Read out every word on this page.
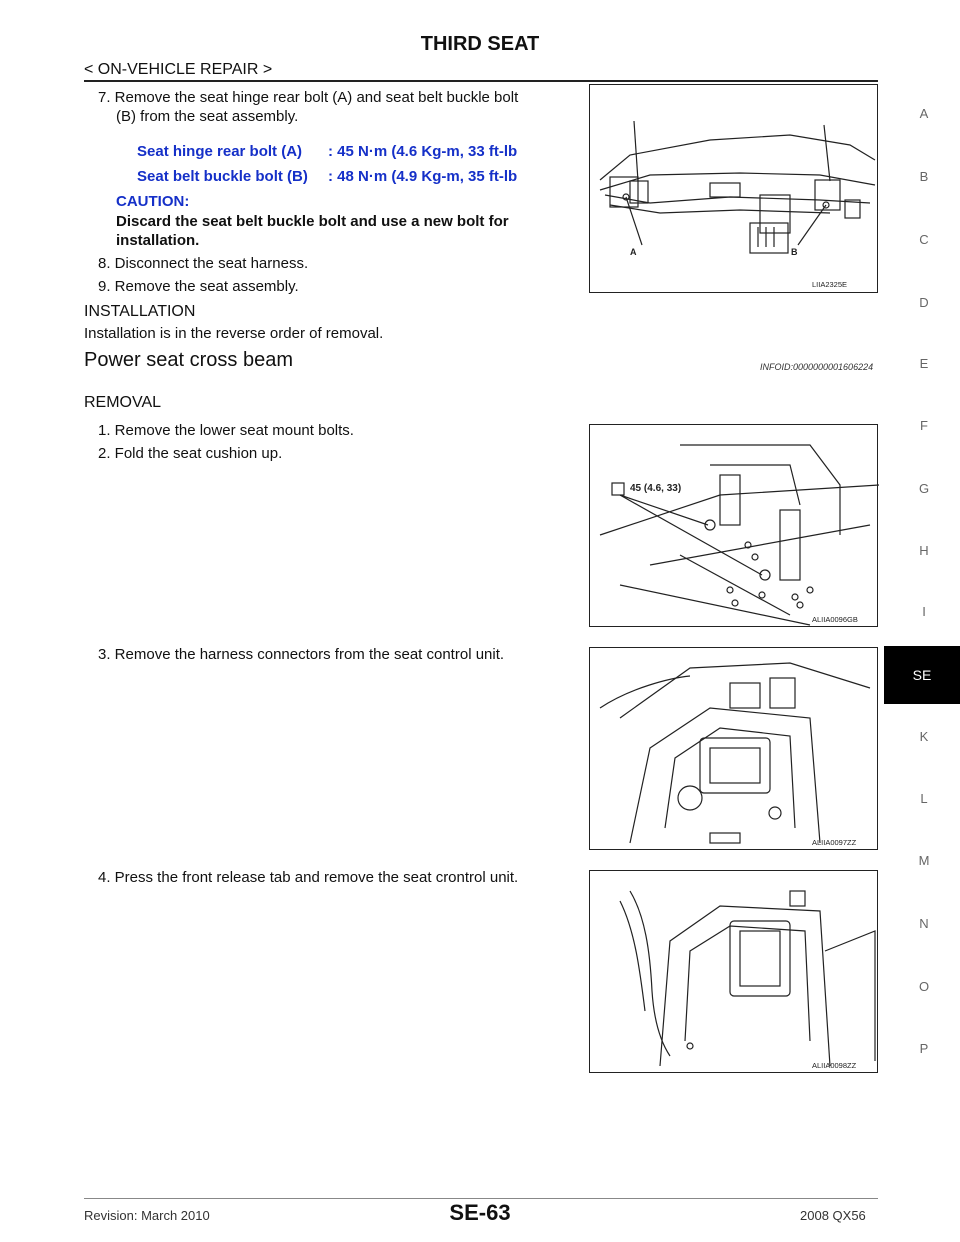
THIRD SEAT
< ON-VEHICLE REPAIR >
7. Remove the seat hinge rear bolt (A) and seat belt buckle bolt
(B) from the seat assembly.
Seat hinge rear bolt (A) : 45 N·m (4.6 Kg-m, 33 ft-lb
Seat belt buckle bolt (B) : 48 N·m (4.9 Kg-m, 35 ft-lb
CAUTION:
Discard the seat belt buckle bolt and use a new bolt for
installation.
8. Disconnect the seat harness.
9. Remove the seat assembly.
A	B
LIIA2325E
INSTALLATION
Installation is in the reverse order of removal.
Power seat cross beam	INFOID:0000000001606224
REMOVAL
1. Remove the lower seat mount bolts.
2. Fold the seat cushion up.
45 (4.6, 33)
ALIIA0096GB
3. Remove the harness connectors from the seat control unit.
ALIIA0097ZZ
4. Press the front release tab and remove the seat crontrol unit.
ALIIA0098ZZ
A
B
C
D
E
F
G
H
I
SE
K
L
M
N
O
P
Revision: March 2010	SE-63	2008 QX56
